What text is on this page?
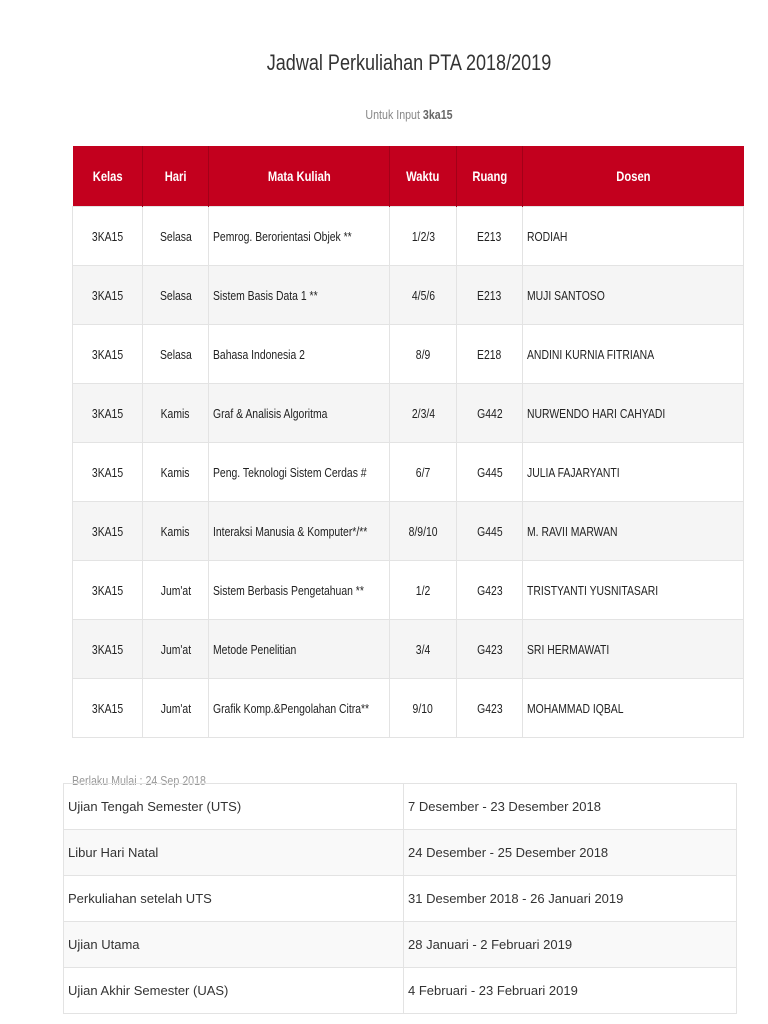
Jadwal Perkuliahan PTA 2018/2019
Untuk Input 3ka15
Kelas	Hari	Mata Kuliah	Waktu	Ruang	Dosen
3KA15	Selasa	Pemrog. Berorientasi Objek **	1/2/3	E213	RODIAH
3KA15	Selasa	Sistem Basis Data 1 **	4/5/6	E213	MUJI SANTOSO
3KA15	Selasa	Bahasa Indonesia 2	8/9	E218	ANDINI KURNIA FITRIANA
3KA15	Kamis	Graf & Analisis Algoritma	2/3/4	G442	NURWENDO HARI CAHYADI
3KA15	Kamis	Peng. Teknologi Sistem Cerdas #	6/7	G445	JULIA FAJARYANTI
3KA15	Kamis	Interaksi Manusia & Komputer*/**	8/9/10	G445	M. RAVII MARWAN
3KA15	Jum'at	Sistem Berbasis Pengetahuan **	1/2	G423	TRISTYANTI YUSNITASARI
3KA15	Jum'at	Metode Penelitian	3/4	G423	SRI HERMAWATI
3KA15	Jum'at	Grafik Komp.&Pengolahan Citra**	9/10	G423	MOHAMMAD IQBAL
Berlaku Mulai : 24 Sep 2018
Ujian Tengah Semester (UTS)	7 Desember - 23 Desember 2018
Libur Hari Natal	24 Desember - 25 Desember 2018
Perkuliahan setelah UTS	31 Desember 2018 - 26 Januari 2019
Ujian Utama	28 Januari - 2 Februari 2019
Ujian Akhir Semester (UAS)	4 Februari - 23 Februari 2019
